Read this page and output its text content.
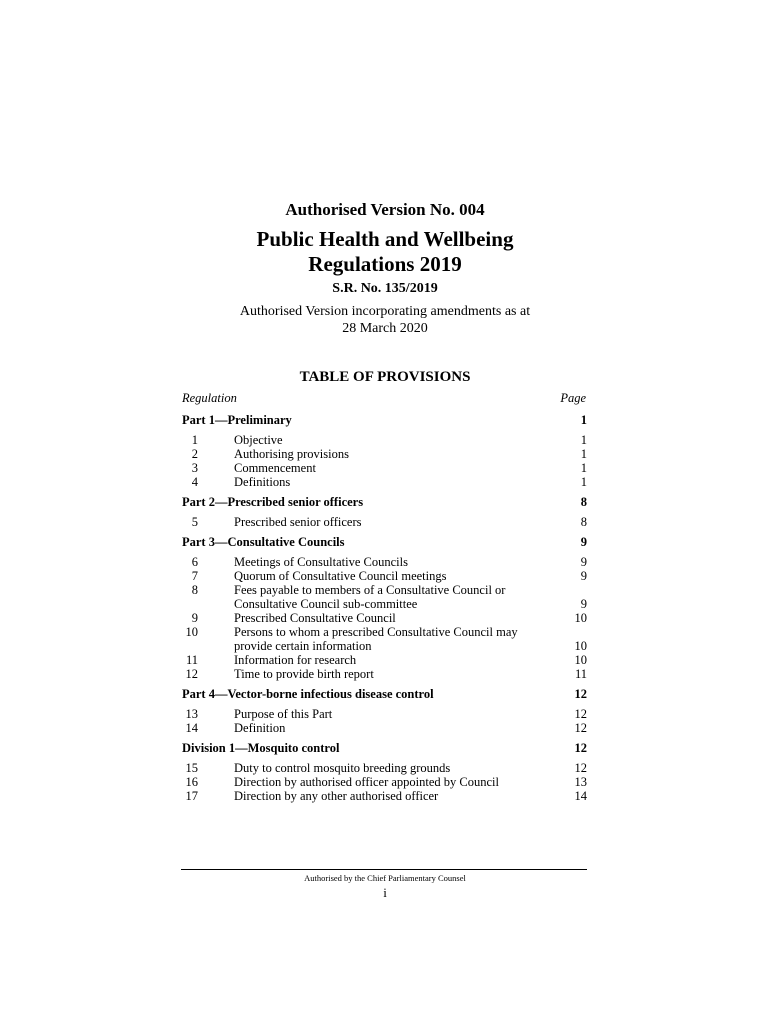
Authorised Version No. 004
Public Health and Wellbeing
Regulations 2019
S.R. No. 135/2019
Authorised Version incorporating amendments as at
28 March 2020
TABLE OF PROVISIONS
Regulation	Page
Part 1—Preliminary	1
1	Objective	1
2	Authorising provisions	1
3	Commencement	1
4	Definitions	1
Part 2—Prescribed senior officers	8
5	Prescribed senior officers	8
Part 3—Consultative Councils	9
6	Meetings of Consultative Councils	9
7	Quorum of Consultative Council meetings	9
8	Fees payable to members of a Consultative Council or
Consultative Council sub-committee	9
9	Prescribed Consultative Council	10
10	Persons to whom a prescribed Consultative Council may
provide certain information	10
11	Information for research	10
12	Time to provide birth report	11
Part 4—Vector-borne infectious disease control	12
13	Purpose of this Part	12
14	Definition	12
Division 1—Mosquito control	12
15	Duty to control mosquito breeding grounds	12
16	Direction by authorised officer appointed by Council	13
17	Direction by any other authorised officer	14
Authorised by the Chief Parliamentary Counsel
i
